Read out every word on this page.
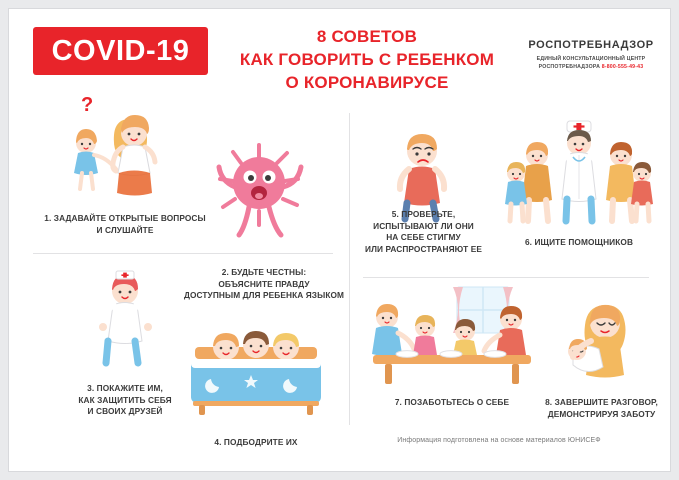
COVID-19	8 СОВЕТОВ
КАК ГОВОРИТЬ С РЕБЕНКОМ
О КОРОНАВИРУСЕ
РОСПОТРЕБНАДЗОР
ЕДИНЫЙ КОНСУЛЬТАЦИОННЫЙ ЦЕНТР
РОСПОТРЕБНАДЗОРА 8-800-555-49-43
?
1. ЗАДАВАЙТЕ ОТКРЫТЫЕ ВОПРОСЫ
И СЛУШАЙТЕ
2. БУДЬТЕ ЧЕСТНЫ:
ОБЪЯСНИТЕ ПРАВДУ
ДОСТУПНЫМ ДЛЯ РЕБЕНКА ЯЗЫКОМ
3. ПОКАЖИТЕ ИМ,
КАК ЗАЩИТИТЬ СЕБЯ
И СВОИХ ДРУЗЕЙ
4. ПОДБОДРИТЕ ИХ
5. ПРОВЕРЬТЕ,
ИСПЫТЫВАЮТ ЛИ ОНИ
НА СЕБЕ СТИГМУ
ИЛИ РАСПРОСТРАНЯЮТ ЕЕ
6. ИЩИТЕ ПОМОЩНИКОВ
7. ПОЗАБОТЬТЕСЬ О СЕБЕ	8. ЗАВЕРШИТЕ РАЗГОВОР,
ДЕМОНСТРИРУЯ ЗАБОТУ
Информация подготовлена на основе материалов ЮНИСЕФ
